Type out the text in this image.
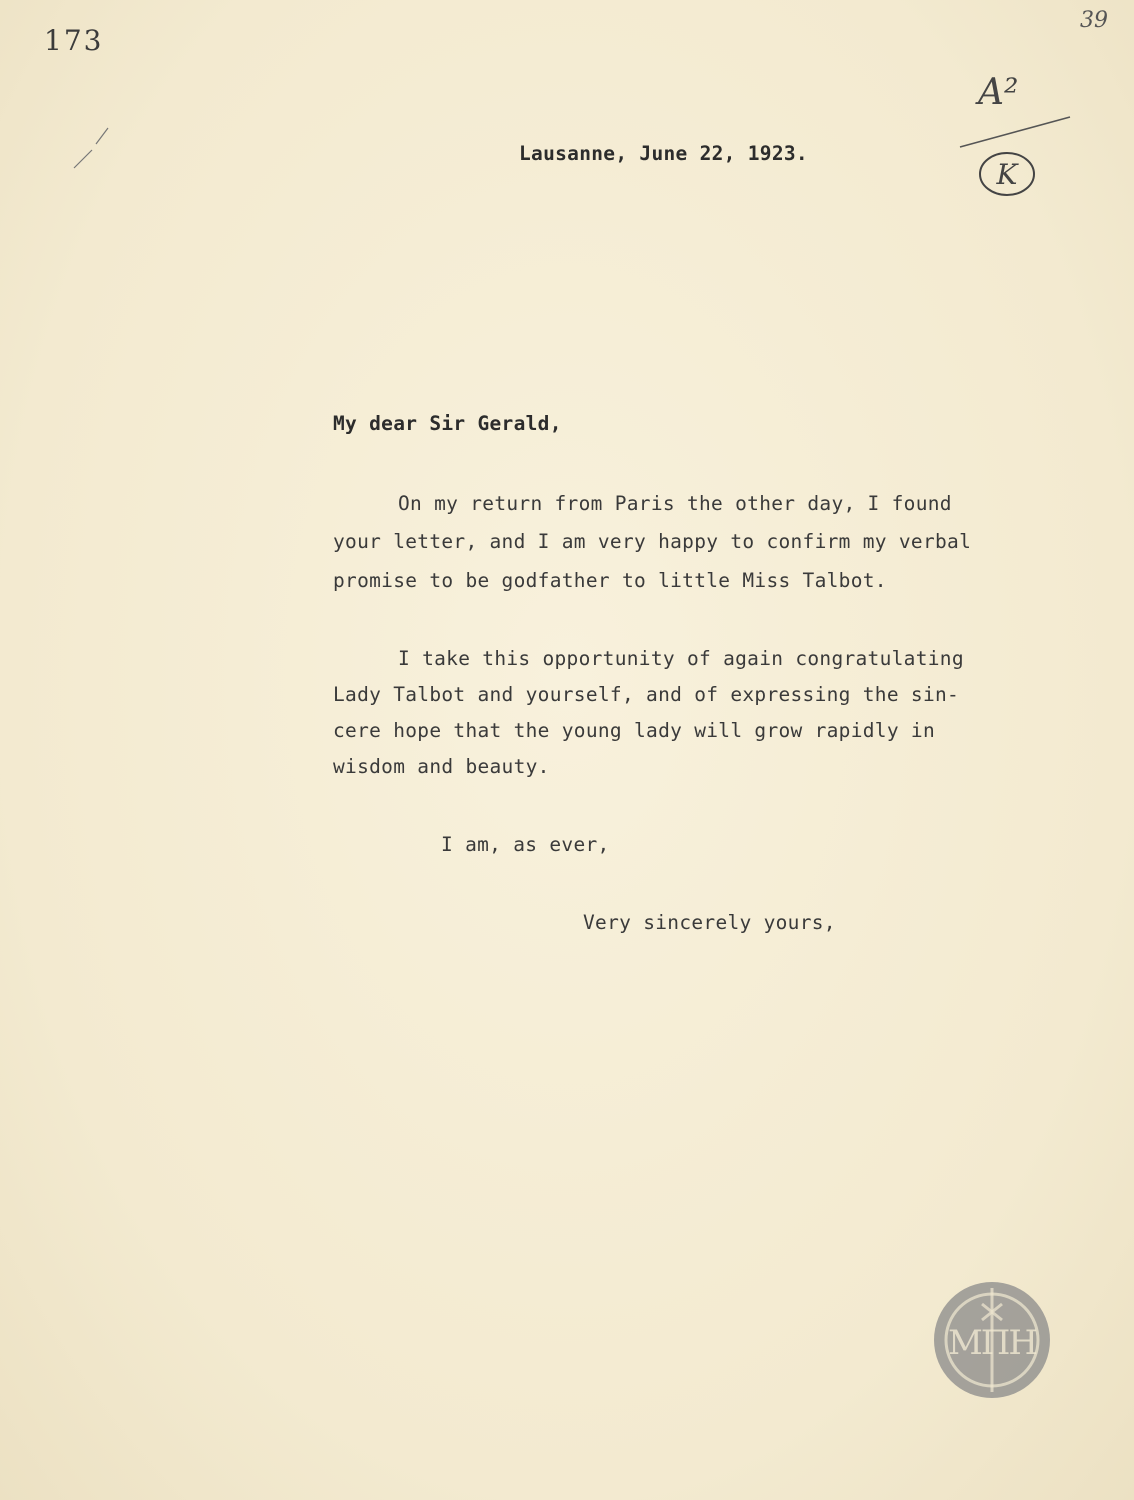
173
39
A²
K
Lausanne, June 22, 1923.
My dear Sir Gerald,
On my return from Paris the other day, I found
your letter, and I am very happy to confirm my verbal
promise to be godfather to little Miss Talbot.
I take this opportunity of again congratulating
Lady Talbot and yourself, and of expressing the sin-
cere hope that the young lady will grow rapidly in
wisdom and beauty.
I am, as ever,
Very sincerely yours,
ΜΠΗ
